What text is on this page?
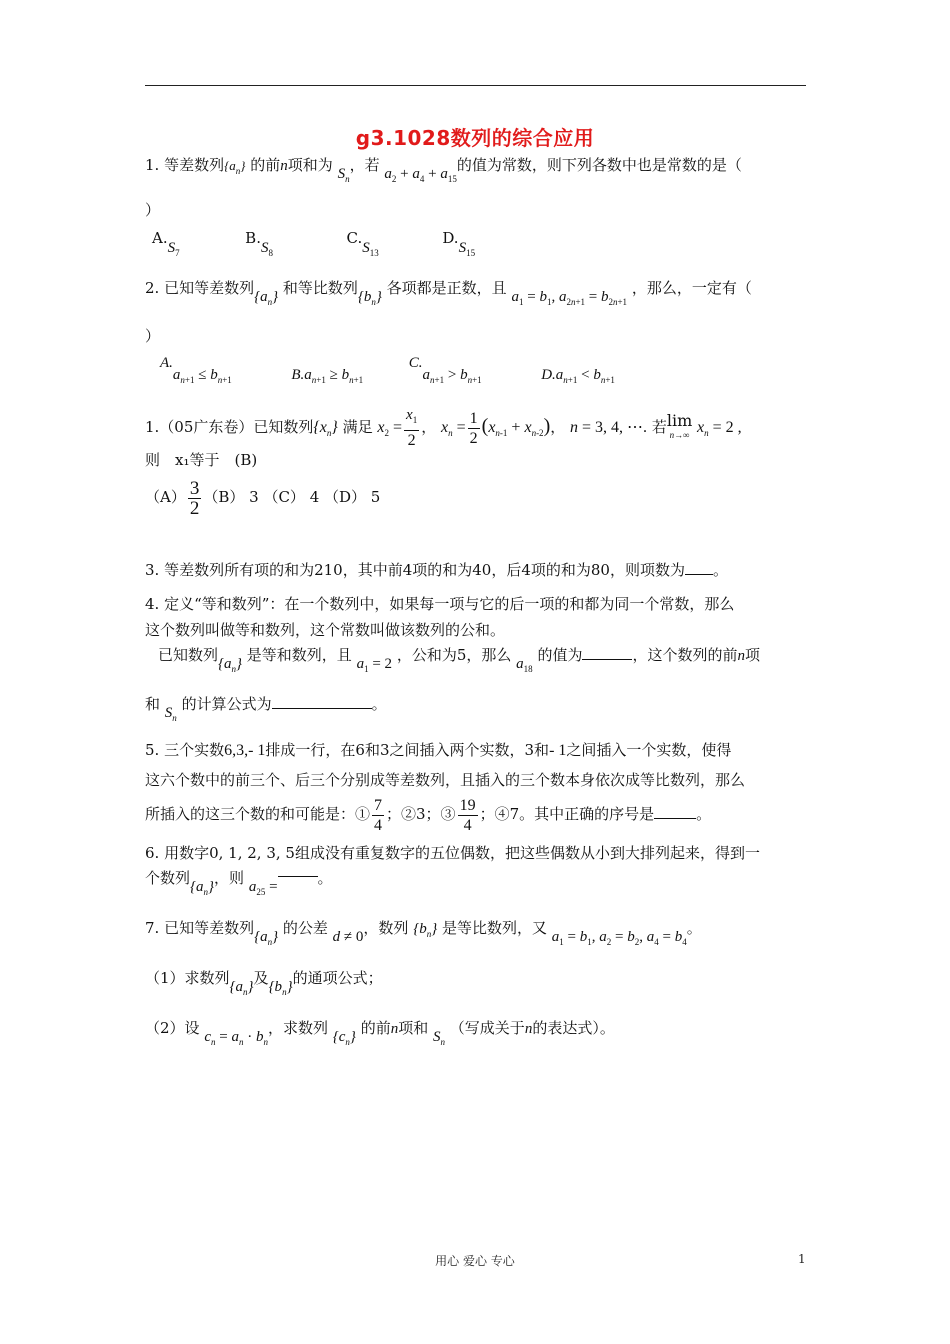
g3.1028数列的综合应用
1. 等差数列$\{a_n\}$ 的前n项和为 $S_n$，若 $a_2 + a_4 + a_{15}$的值为常数，则下列各数中也是常数的是（
）
$A.S_7$  $B.S_8$  $C.S_{13}$  $D.S_{15}$
2. 已知等差数列$\{a_n\}$ 和等比数列$\{b_n\}$ 各项都是正数，且 $a_1 = b_1$, $a_{2n+1} = b_{2n+1}$ ，那么，一定有（
）
$A.a_{n+1} \le b_{n+1}$	$B.a_{n+1} \ge b_{n+1}$  $C.a_{n+1} > b_{n+1}$	$D.a_{n+1} < b_{n+1}$
1.（05广东卷）已知数列$\{x_n\}$ 满足 $x_2 = \frac{x_1}{2}$ ， $x_n = \frac{1}{2} (x_{n-1} + x_{n-2})$， n = 3, 4, ⋯. 若 lim
n→∞ $x_n = 2$ ,
则　x₁等于　(B)
$(A) \frac{3}{2} (B)$ 3 （C） 4 （D） 5
3. 等差数列所有项的和为210，其中前4项的和为40，后4项的和为80，则项数为 。
4. 定义“等和数列”：在一个数列中，如果每一项与它的后一项的和都为同一个常数，那么
这个数列叫做等和数列，这个常数叫做该数列的公和。
已知数列$\{a_n\}$ 是等和数列，且 $a_1 = 2$ ，公和为5，那么 $a_{18}$ 的值为	，这个数列的前n项
和 $S_n$ 的计算公式为	。
5. 三个实数6,3,- 1排成一行，在6和3之间插入两个实数，3和- 1之间插入一个实数，使得
这六个数中的前三个、后三个分别成等差数列，且插入的三个数本身依次成等比数列，那么
所插入的这三个数的和可能是：① $\frac{7}{4}$ ；②3；③ $\frac{19}{4}$ ；④7。其中正确的序号是	。
6. 用数字0, 1, 2, 3, 5组成没有重复数字的五位偶数，把这些偶数从小到大排列起来，得到一
个数列$\{a_n\}$，则 $a_{25}$ =	。
7. 已知等差数列$\{a_n\}$ 的公差 d ≠ 0，数列 $\{b_n\}$ 是等比数列，又 $a_1 = b_1$, $a_2 = b_2$, $a_4 = b_4$。
（1）求数列$\{a_n\}$及$\{b_n\}$的通项公式；
（2）设 $c_n = a_n \cdot b_n$，求数列 $\{c_n\}$ 的前n项和 $S_n$ （写成关于n的表达式）。
用心 爱心 专心	1
